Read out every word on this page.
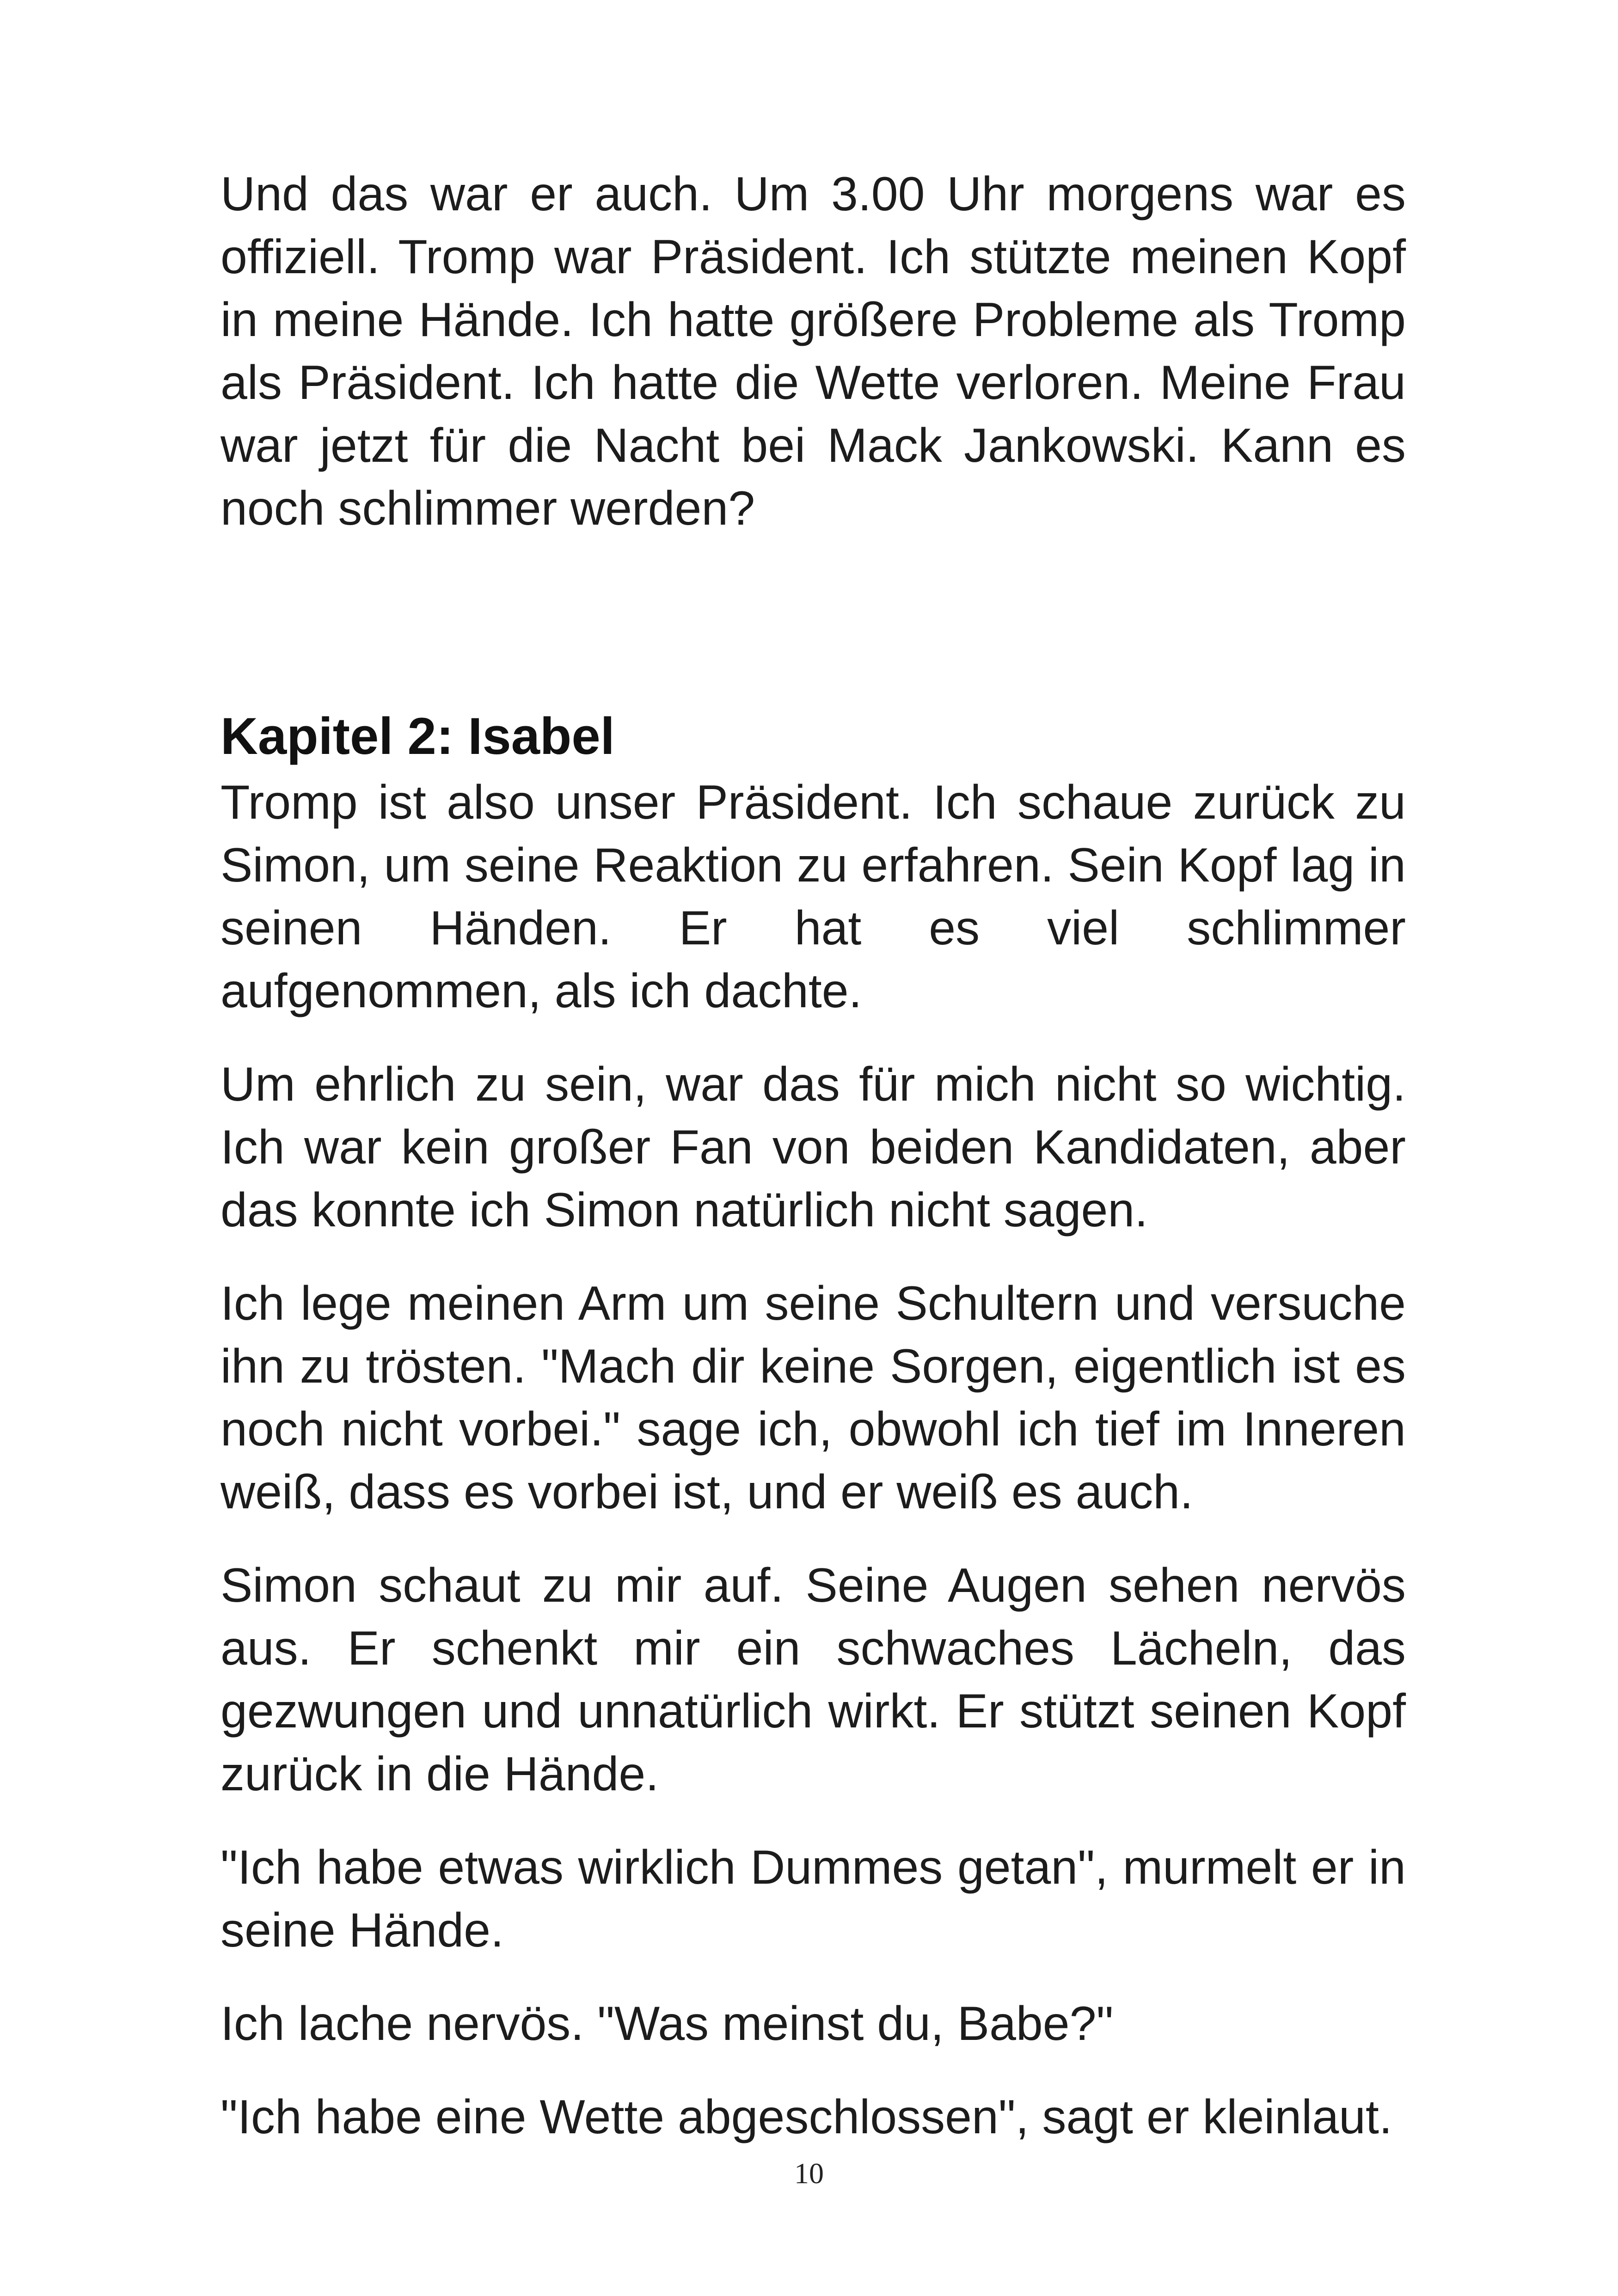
Und das war er auch. Um 3.00 Uhr morgens war es offiziell. Tromp war Präsident. Ich stützte meinen Kopf in meine Hände. Ich hatte größere Probleme als Tromp als Präsident. Ich hatte die Wette verloren. Meine Frau war jetzt für die Nacht bei Mack Jankowski. Kann es noch schlimmer werden?

Kapitel 2: Isabel

Tromp ist also unser Präsident. Ich schaue zurück zu Simon, um seine Reaktion zu erfahren. Sein Kopf lag in seinen Händen. Er hat es viel schlimmer aufgenommen, als ich dachte.

Um ehrlich zu sein, war das für mich nicht so wichtig. Ich war kein großer Fan von beiden Kandidaten, aber das konnte ich Simon natürlich nicht sagen.

Ich lege meinen Arm um seine Schultern und versuche ihn zu trösten. "Mach dir keine Sorgen, eigentlich ist es noch nicht vorbei." sage ich, obwohl ich tief im Inneren weiß, dass es vorbei ist, und er weiß es auch.

Simon schaut zu mir auf. Seine Augen sehen nervös aus. Er schenkt mir ein schwaches Lächeln, das gezwungen und unnatürlich wirkt. Er stützt seinen Kopf zurück in die Hände.

"Ich habe etwas wirklich Dummes getan", murmelt er in seine Hände.

Ich lache nervös. "Was meinst du, Babe?"

"Ich habe eine Wette abgeschlossen", sagt er kleinlaut.

10
